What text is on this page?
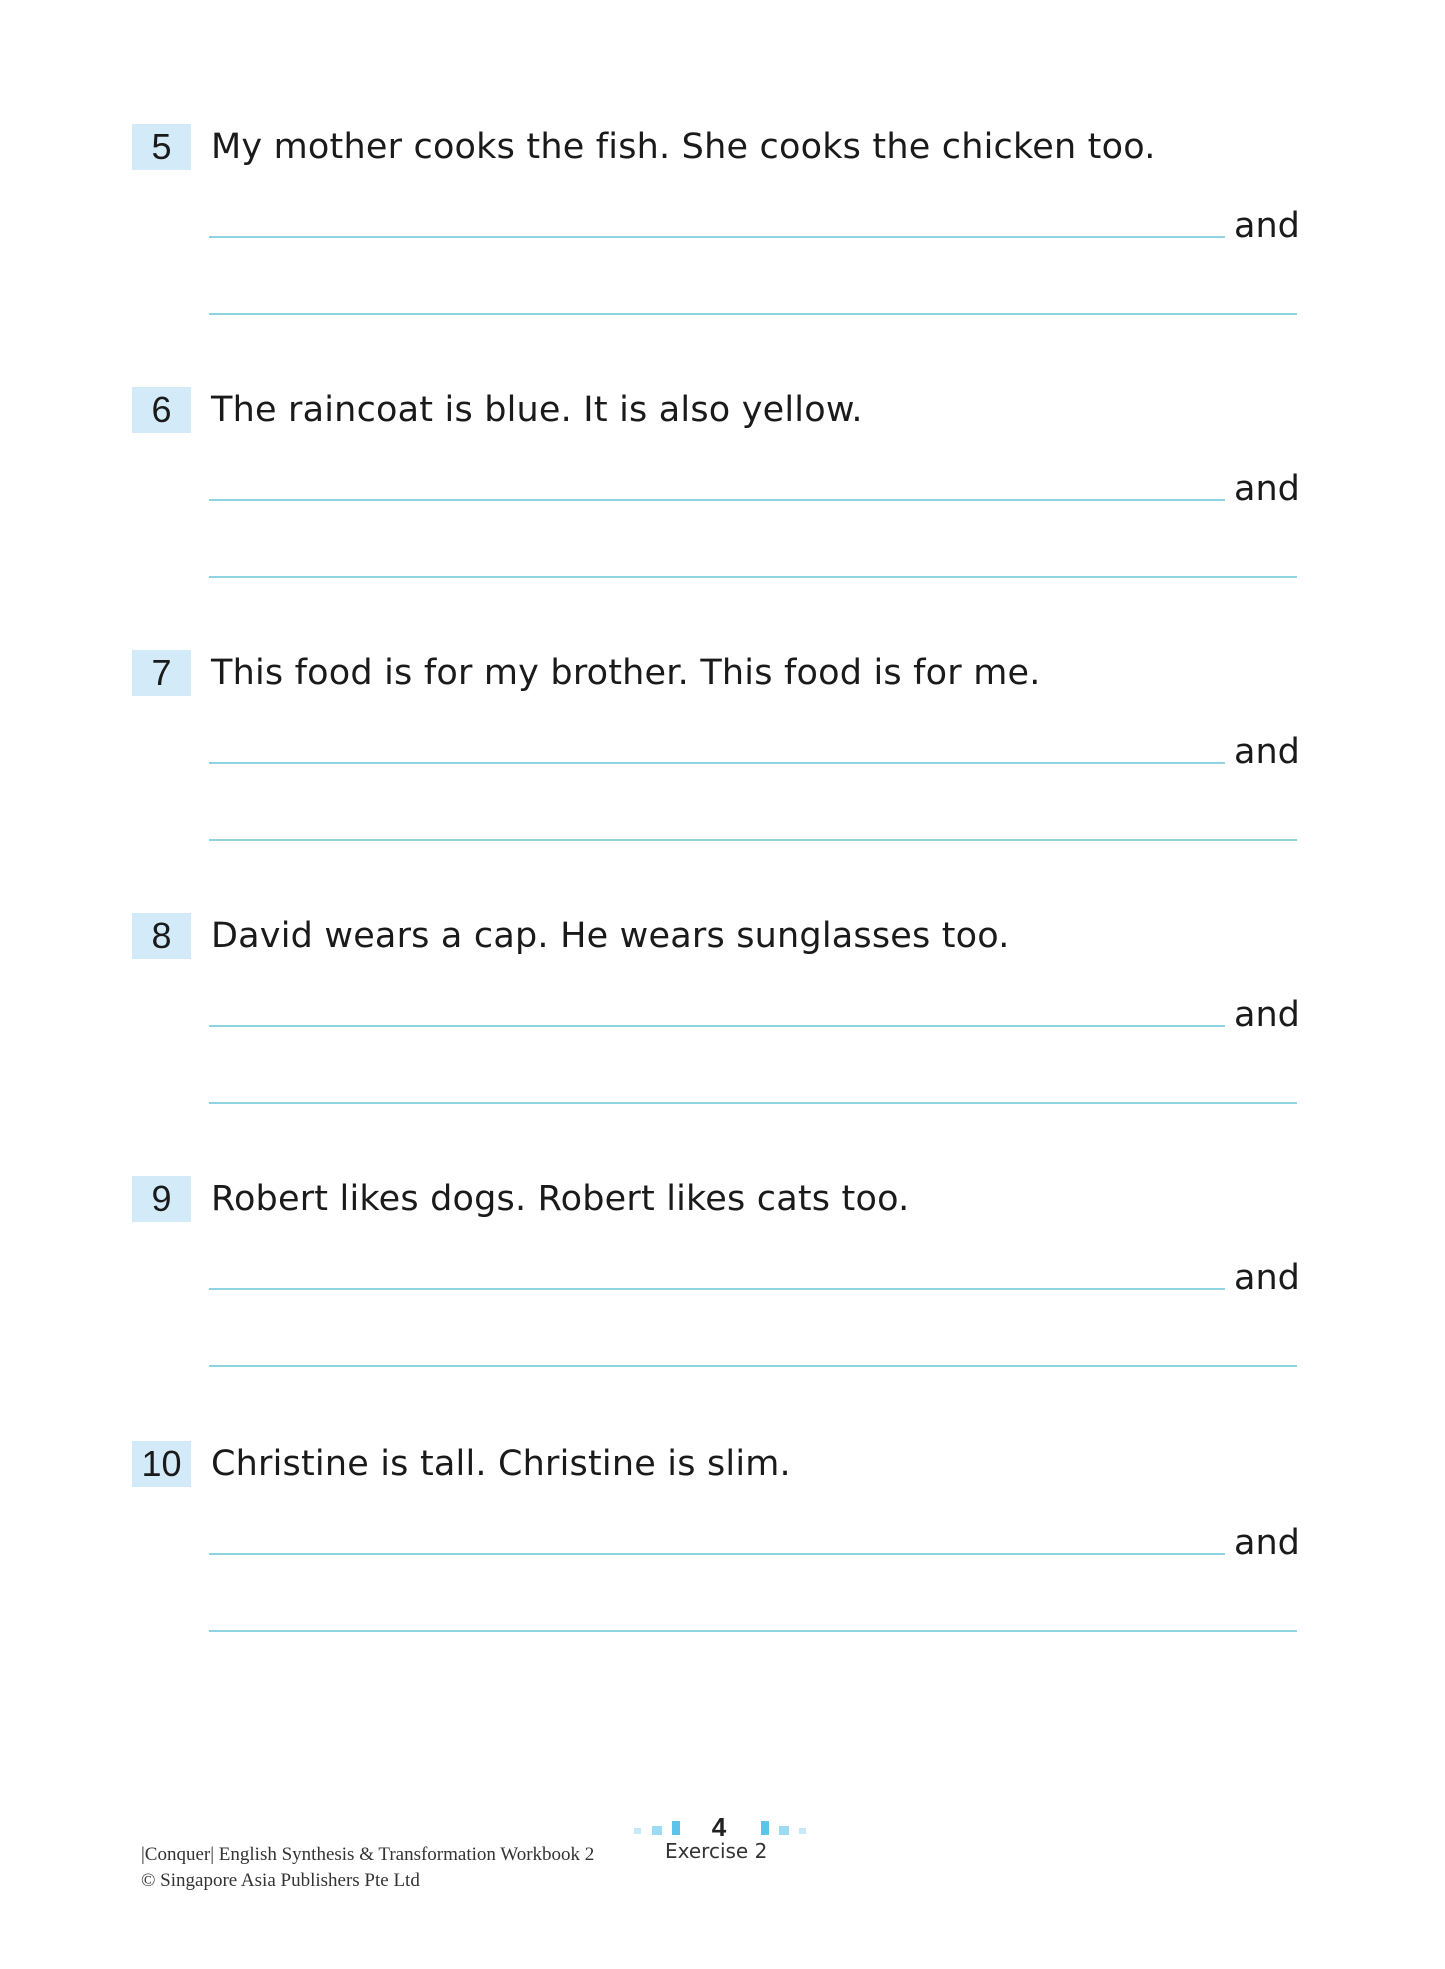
5	My mother cooks the fish. She cooks the chicken too.
and
6	The raincoat is blue. It is also yellow.
and
7	This food is for my brother. This food is for me.
and
8	David wears a cap. He wears sunglasses too.
and
9	Robert likes dogs. Robert likes cats too.
and
10 Christine is tall. Christine is slim.
and
4
Exercise 2
|Conquer| English Synthesis & Transformation Workbook 2
© Singapore Asia Publishers Pte Ltd
